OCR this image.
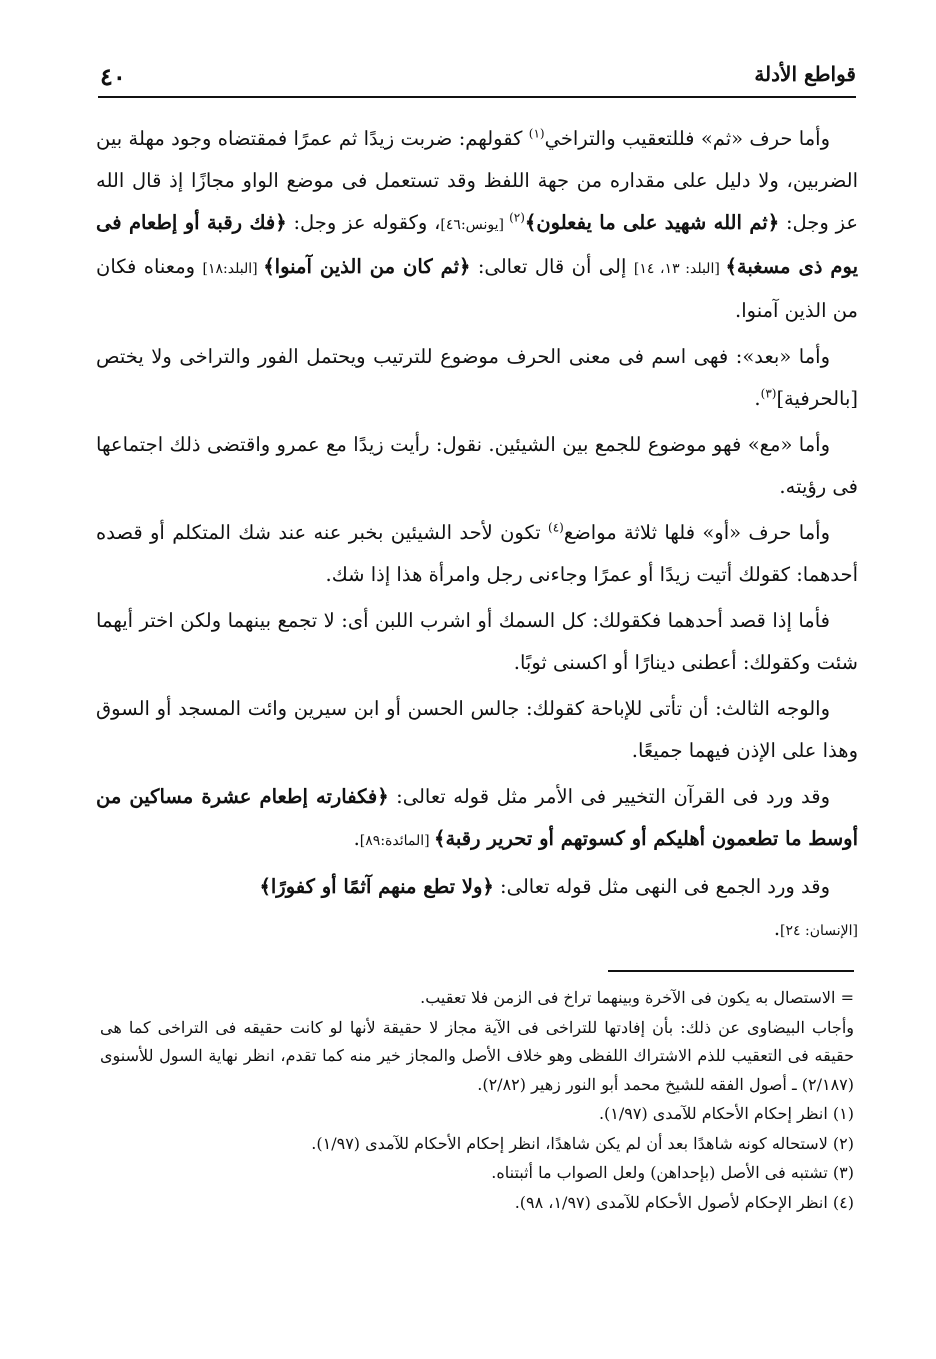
٤٠	قواطع الأدلة

وأما حرف «ثم» فللتعقيب والتراخي$^{(١)}$ كقولهم: ضربت زيدًا ثم عمرًا فمقتضاه وجود مهلة بين الضربين، ولا دليل على مقداره من جهة اللفظ وقد تستعمل فى موضع الواو مجازًا إذ قال الله عز وجل: ﴿ثم الله شهيد على ما يفعلون﴾$^{(٢)}$ [يونس:٤٦]، وكقوله عز وجل: ﴿فك رقبة أو إطعام فى يوم ذى مسغبة﴾ [البلد: ١٣، ١٤] إلى أن قال تعالى: ﴿ثم كان من الذين آمنوا﴾ [البلد:١٨] ومعناه فكان من الذين آمنوا.

وأما «بعد»: فهى اسم فى معنى الحرف موضوع للترتيب ويحتمل الفور والتراخى ولا يختص [بالحرفية]$^{(٣)}$.

وأما «مع» فهو موضوع للجمع بين الشيئين. نقول: رأيت زيدًا مع عمرو واقتضى ذلك اجتماعها فى رؤيته.

وأما حرف «أو» فلها ثلاثة مواضع$^{(٤)}$ تكون لأحد الشيئين بخبر عنه عند شك المتكلم أو قصده أحدهما: كقولك أتيت زيدًا أو عمرًا وجاءنى رجل وامرأة هذا إذا شك.

فأما إذا قصد أحدهما فكقولك: كل السمك أو اشرب اللبن أى: لا تجمع بينهما ولكن اختر أيهما شئت وكقولك: أعطنى دينارًا أو اكسنى ثوبًا.

والوجه الثالث: أن تأتى للإباحة كقولك: جالس الحسن أو ابن سيرين وائت المسجد أو السوق وهذا على الإذن فيهما جميعًا.

وقد ورد فى القرآن التخيير فى الأمر مثل قوله تعالى: ﴿فكفارته إطعام عشرة مساكين من أوسط ما تطعمون أهليكم أو كسوتهم أو تحرير رقبة﴾ [المائدة:٨٩].

وقد ورد الجمع فى النهى مثل قوله تعالى: ﴿ولا تطع منهم آثمًا أو كفورًا﴾
[الإنسان: ٢٤].

= الاستصال به يكون فى الآخرة وبينهما تراخ فى الزمن فلا تعقيب.

وأجاب البيضاوى عن ذلك: بأن إفادتها للتراخى فى الآية مجاز لا حقيقة لأنها لو كانت حقيقه فى التراخى كما هى حقيقه فى التعقيب للذم الاشتراك اللفظى وهو خلاف الأصل والمجاز خير منه كما تقدم، انظر نهاية السول للأسنوى (٢/١٨٧) ـ أصول الفقه للشيخ محمد أبو النور زهير (٢/٨٢).

(١) انظر إحكام الأحكام للآمدى (١/٩٧).

(٢) لاستحاله كونه شاهدًا بعد أن لم يكن شاهدًا، انظر إحكام الأحكام للآمدى (١/٩٧).

(٣) تشتبه فى الأصل (بإحداهن) ولعل الصواب ما أثبتناه.

(٤) انظر الإحكام لأصول الأحكام للآمدى (١/٩٧، ٩٨).
